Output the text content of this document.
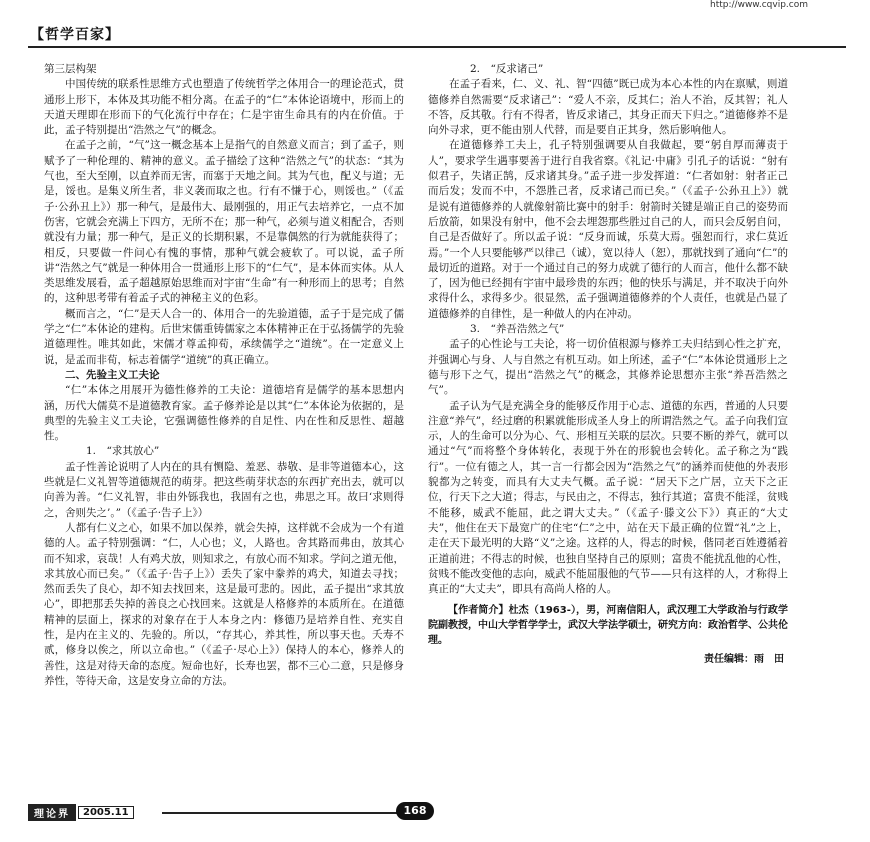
http://www.cqvip.com
【哲学百家】
第三层构架

中国传统的联系性思维方式也塑造了传统哲学之体用合一的理论范式，贯通形上形下，本体及其功能不相分离。在孟子的“仁”本体论语境中，形而上的天道天理即在形而下的气化流行中存在；仁是宇宙生命具有的内在价值。于此，孟子特别提出“浩然之气”的概念。

在孟子之前，“气”这一概念基本上是指气的自然意义而言；到了孟子，则赋予了一种伦理的、精神的意义。孟子描绘了这种“浩然之气”的状态：“其为气也，至大至刚，以直养而无害，而塞于天地之间。其为气也，配义与道；无是，馁也。是集义所生者，非义袭而取之也。行有不慊于心，则馁也。”（《孟子·公孙丑上》）那一种气，是最伟大、最刚强的，用正气去培养它，一点不加伤害，它就会充满上下四方，无所不在；那一种气，必须与道义相配合，否则就没有力量；那一种气，是正义的长期积累，不是靠偶然的行为就能获得了；相反，只要做一件问心有愧的事情，那种气就会疲软了。可以说，孟子所讲“浩然之气”就是一种体用合一贯通形上形下的“仁气”，是本体而实体。从人类思维发展看，孟子超越原始思维而对宇宙“生命”有一种形而上的思考；自然的，这种思考带有着孟子式的神秘主义的色彩。

概而言之，“仁”是天人合一的、体用合一的先验道德，孟子于是完成了儒学之“仁”本体论的建构。后世宋儒重铸儒家之本体精神正在于弘扬儒学的先验道德理性。唯其如此，宋儒才尊孟抑荀，承续儒学之“道统”。在一定意义上说，是孟而非荀，标志着儒学“道统”的真正确立。

二、先验主义工夫论

“仁”本体之用展开为德性修养的工夫论：道德培育是儒学的基本思想内涵，历代大儒莫不是道德教育家。孟子修养论是以其“仁”本体论为依据的，是典型的先验主义工夫论，它强调德性修养的自足性、内在性和反思性、超越性。

1.　“求其放心”

孟子性善论说明了人内在的具有恻隐、羞恶、恭敬、是非等道德本心，这些就是仁义礼智等道德规范的萌芽。把这些萌芽状态的东西扩充出去，就可以向善为善。“仁义礼智，非由外铄我也，我固有之也，弗思之耳。故曰‘求则得之，舍则失之’。”（《孟子·告子上》）

人都有仁义之心，如果不加以保养，就会失掉，这样就不会成为一个有道德的人。孟子特别强调：“仁，人心也；义，人路也。舍其路而弗由，放其心而不知求，哀哉！人有鸡犬放，则知求之，有放心而不知求。学问之道无他，求其放心而已矣。”（《孟子·告子上》）丢失了家中豢养的鸡犬，知道去寻找；然而丢失了良心，却不知去找回来，这是最可悲的。因此，孟子提出“求其放心”，即把那丢失掉的善良之心找回来。这就是人格修养的本质所在。在道德精神的层面上，探求的对象存在于人本身之内：修德乃是培养自性、充实自性，是内在主义的、先验的。所以，“存其心，养其性，所以事天也。夭寿不贰，修身以俟之，所以立命也。”（《孟子·尽心上》）保持人的本心，修养人的善性，这是对待天命的态度。短命也好，长寿也罢，都不三心二意，只是修身养性，等待天命，这是安身立命的方法。

2.　“反求诸己”

在孟子看来，仁、义、礼、智“四德”既已成为本心本性的内在禀赋，则道德修养自然需要“反求诸己”：“爱人不亲，反其仁；治人不治，反其智；礼人不答，反其敬。行有不得者，皆反求诸己，其身正而天下归之。”道德修养不是向外寻求，更不能由别人代替，而是要自正其身，然后影响他人。

在道德修养工夫上，孔子特别强调要从自我做起，要“躬自厚而薄责于人”，要求学生遇事要善于进行自我省察。《礼记·中庸》引孔子的话说：“射有似君子，失诸正鹄，反求诸其身。”孟子进一步发挥道：“仁者如射：射者正己而后发；发而不中，不怨胜己者，反求诸己而已矣。”（《孟子·公孙丑上》）就是说有道德修养的人就像射箭比赛中的射手：射箭时关键是端正自己的姿势而后放箭，如果没有射中，他不会去埋怨那些胜过自己的人，而只会反躬自问，自己是否做好了。所以孟子说：“反身而诚，乐莫大焉。强恕而行，求仁莫近焉。”一个人只要能够严以律己（诚），宽以待人（恕），那就找到了通向“仁”的最切近的道路。对于一个通过自己的努力成就了德行的人而言，他什么都不缺了，因为他已经拥有宇宙中最珍贵的东西；他的快乐与满足，并不取决于向外求得什么，求得多少。很显然，孟子强调道德修养的个人责任，也就是凸显了道德修养的自律性，是一种做人的内在冲动。

3.　“养吾浩然之气”

孟子的心性论与工夫论，将一切价值根源与修养工夫归结到心性之扩充，并强调心与身、人与自然之有机互动。如上所述，孟子“仁”本体论贯通形上之德与形下之气，提出“浩然之气”的概念，其修养论思想亦主张“养吾浩然之气”。

孟子认为气是充满全身的能够反作用于心志、道德的东西，普通的人只要注意“养气”，经过磨的积累就能形成圣人身上的所谓浩然之气。孟子向我们宣示，人的生命可以分为心、气、形相互关联的层次。只要不断的养气，就可以通过“气”而将整个身体转化，表现于外在的形貌也会转化。孟子称之为“践行”。一位有德之人，其一言一行都会因为“浩然之气”的涵养而使他的外表形貌都为之转变，而具有大丈夫气概。孟子说：“居天下之广居，立天下之正位，行天下之大道；得志，与民由之，不得志，独行其道；富贵不能淫，贫贱不能移，威武不能屈，此之谓大丈夫。”（《孟子·滕文公下》）真正的“大丈夫”，他住在天下最宽广的住宅“仁”之中，站在天下最正确的位置“礼”之上，走在天下最光明的大路“义”之途。这样的人，得志的时候，偕同老百姓遵循着正道前进；不得志的时候，也独自坚持自己的原则；富贵不能扰乱他的心性，贫贱不能改变他的志向，威武不能屈服他的气节——只有这样的人，才称得上真正的“大丈夫”，即具有高尚人格的人。

【作者简介】杜杰（1963-），男，河南信阳人，武汉理工大学政治与行政学院副教授，中山大学哲学学士，武汉大学法学硕士，研究方向：政治哲学、公共伦理。
责任编辑：雨　田
理论界	2005.11	168
